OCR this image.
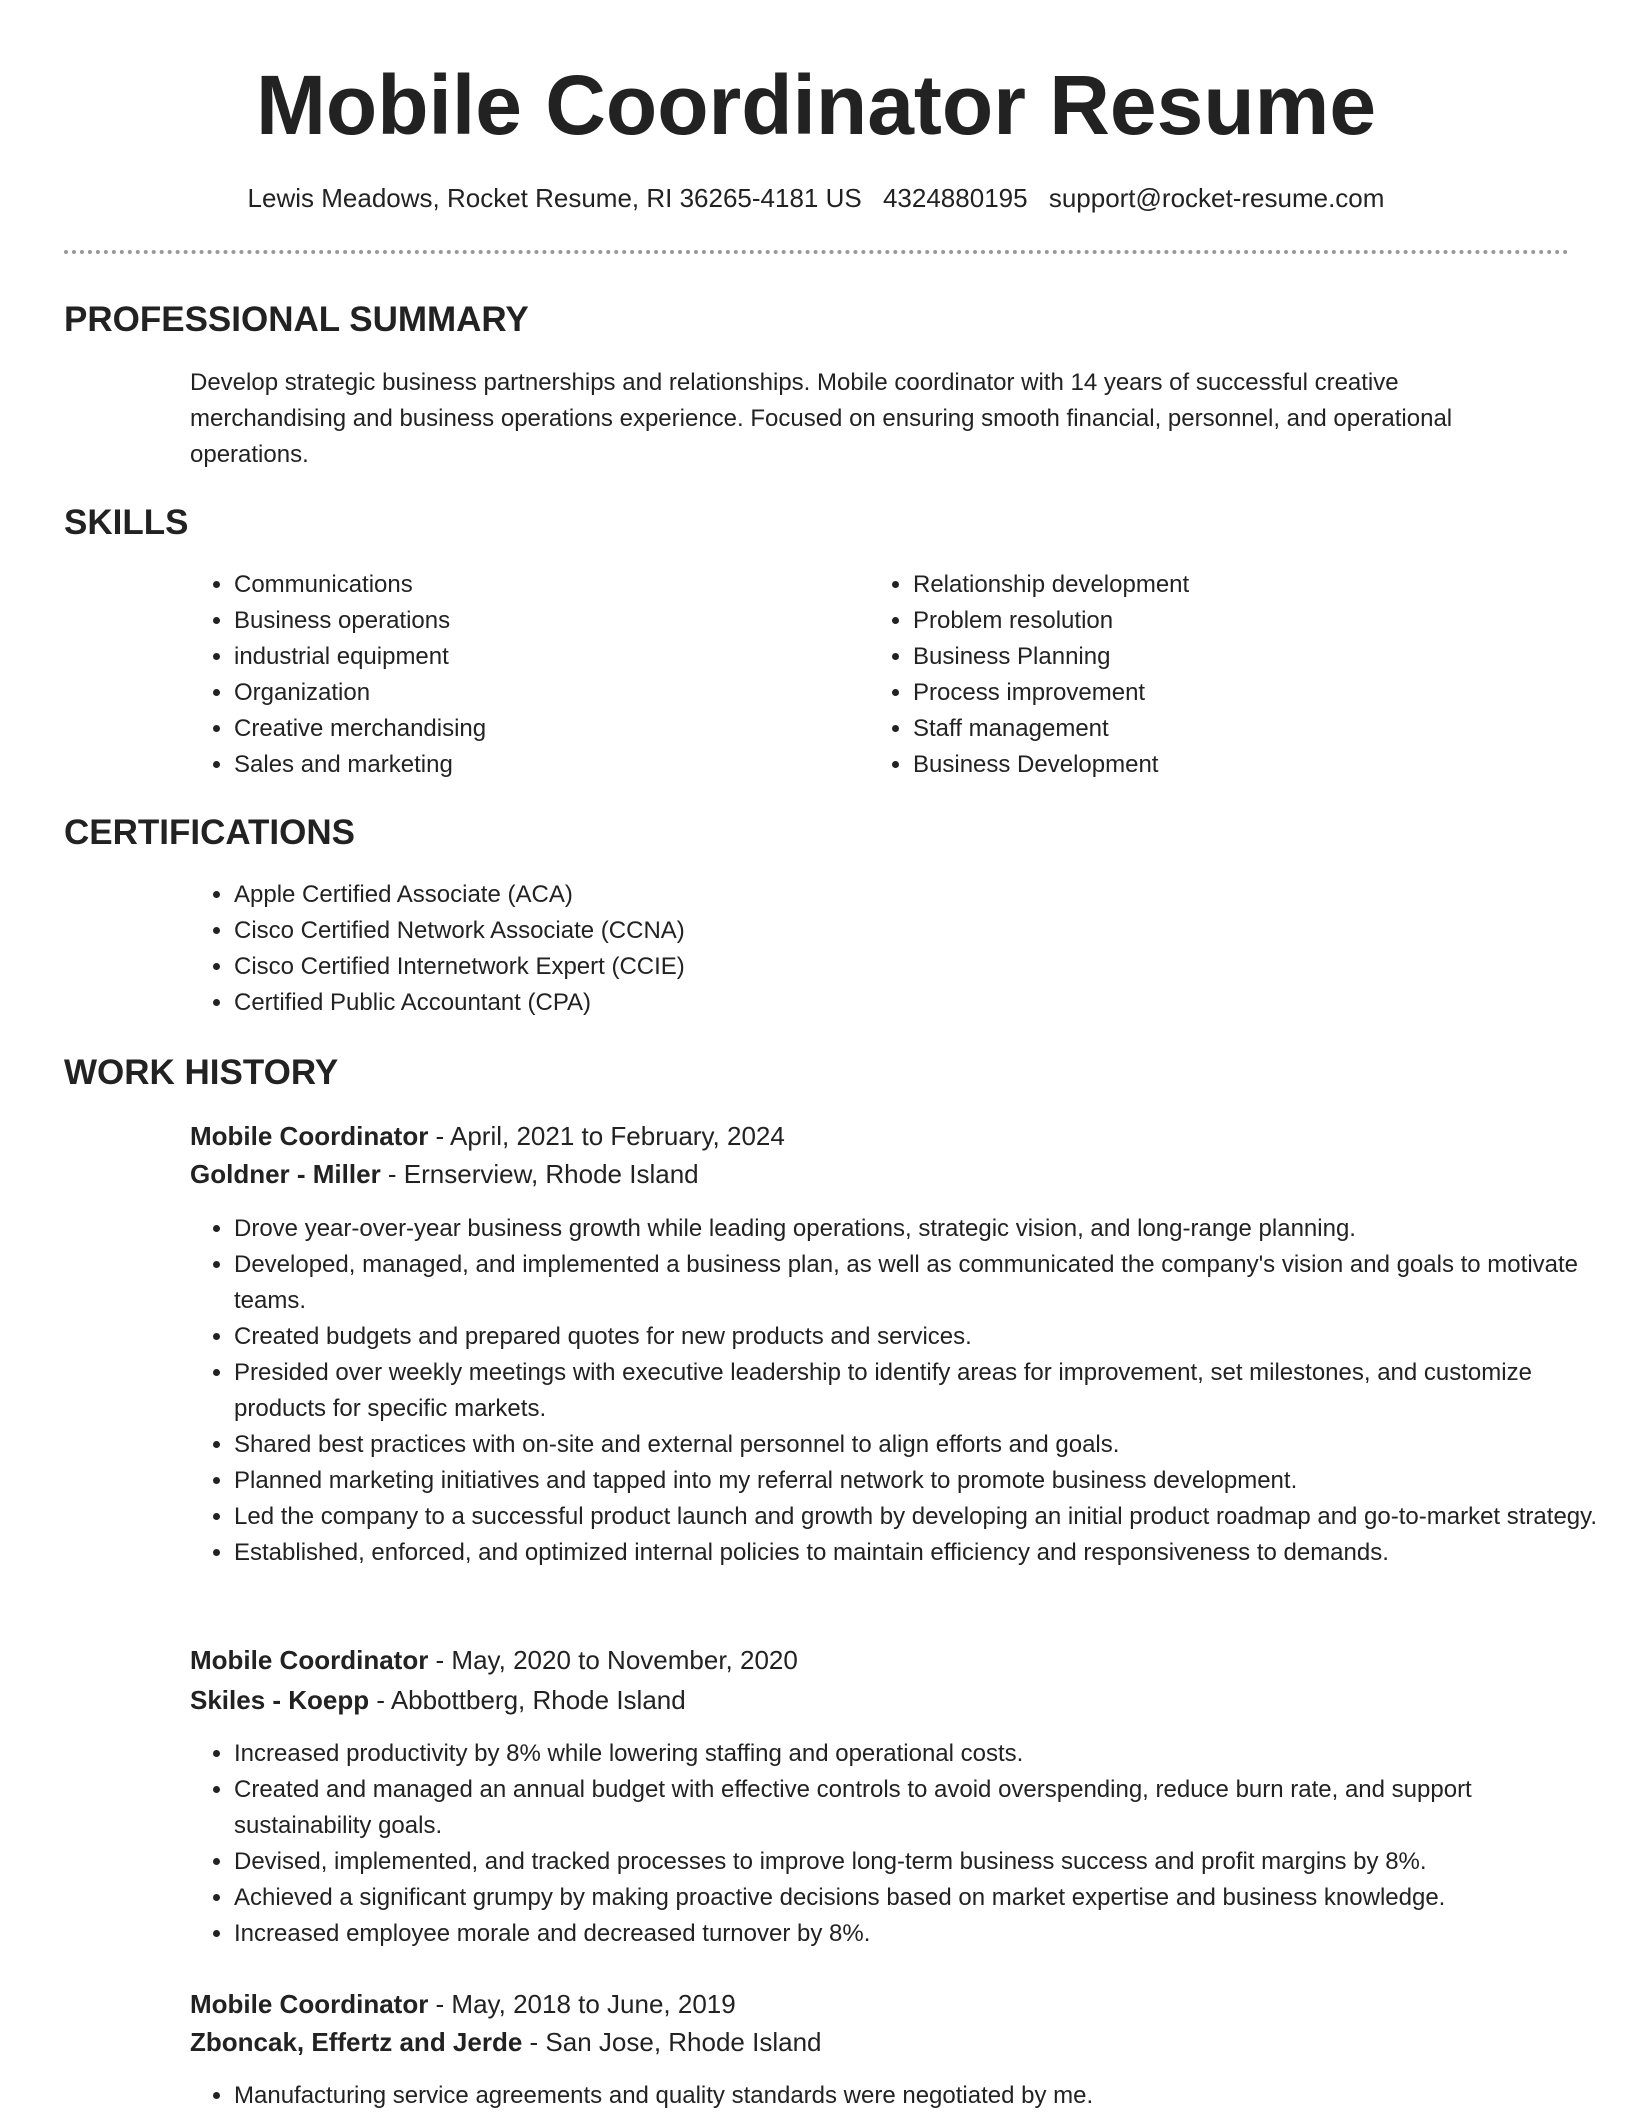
Mobile Coordinator Resume
Lewis Meadows, Rocket Resume, RI 36265-4181 US 4324880195 support@rocket-resume.com
PROFESSIONAL SUMMARY

Develop strategic business partnerships and relationships. Mobile coordinator with 14 years of successful creative merchandising and business operations experience. Focused on ensuring smooth financial, personnel, and operational operations.

SKILLS
• Communications
• Business operations
• industrial equipment
• Organization
• Creative merchandising
• Sales and marketing
• Relationship development
• Problem resolution
• Business Planning
• Process improvement
• Staff management
• Business Development
CERTIFICATIONS
• Apple Certified Associate (ACA)
• Cisco Certified Network Associate (CCNA)
• Cisco Certified Internetwork Expert (CCIE)
• Certified Public Accountant (CPA)
WORK HISTORY
Mobile Coordinator - April, 2021 to February, 2024
Goldner - Miller - Ernserview, Rhode Island
• Drove year-over-year business growth while leading operations, strategic vision, and long-range planning.
• Developed, managed, and implemented a business plan, as well as communicated the company's vision and goals to motivate teams.
• Created budgets and prepared quotes for new products and services.
• Presided over weekly meetings with executive leadership to identify areas for improvement, set milestones, and customize products for specific markets.
• Shared best practices with on-site and external personnel to align efforts and goals.
• Planned marketing initiatives and tapped into my referral network to promote business development.
• Led the company to a successful product launch and growth by developing an initial product roadmap and go-to-market strategy.
• Established, enforced, and optimized internal policies to maintain efficiency and responsiveness to demands.
Mobile Coordinator - May, 2020 to November, 2020
Skiles - Koepp - Abbottberg, Rhode Island
• Increased productivity by 8% while lowering staffing and operational costs.
• Created and managed an annual budget with effective controls to avoid overspending, reduce burn rate, and support sustainability goals.
• Devised, implemented, and tracked processes to improve long-term business success and profit margins by 8%.
• Achieved a significant grumpy by making proactive decisions based on market expertise and business knowledge.
• Increased employee morale and decreased turnover by 8%.
Mobile Coordinator - May, 2018 to June, 2019
Zboncak, Effertz and Jerde - San Jose, Rhode Island
• Manufacturing service agreements and quality standards were negotiated by me.
